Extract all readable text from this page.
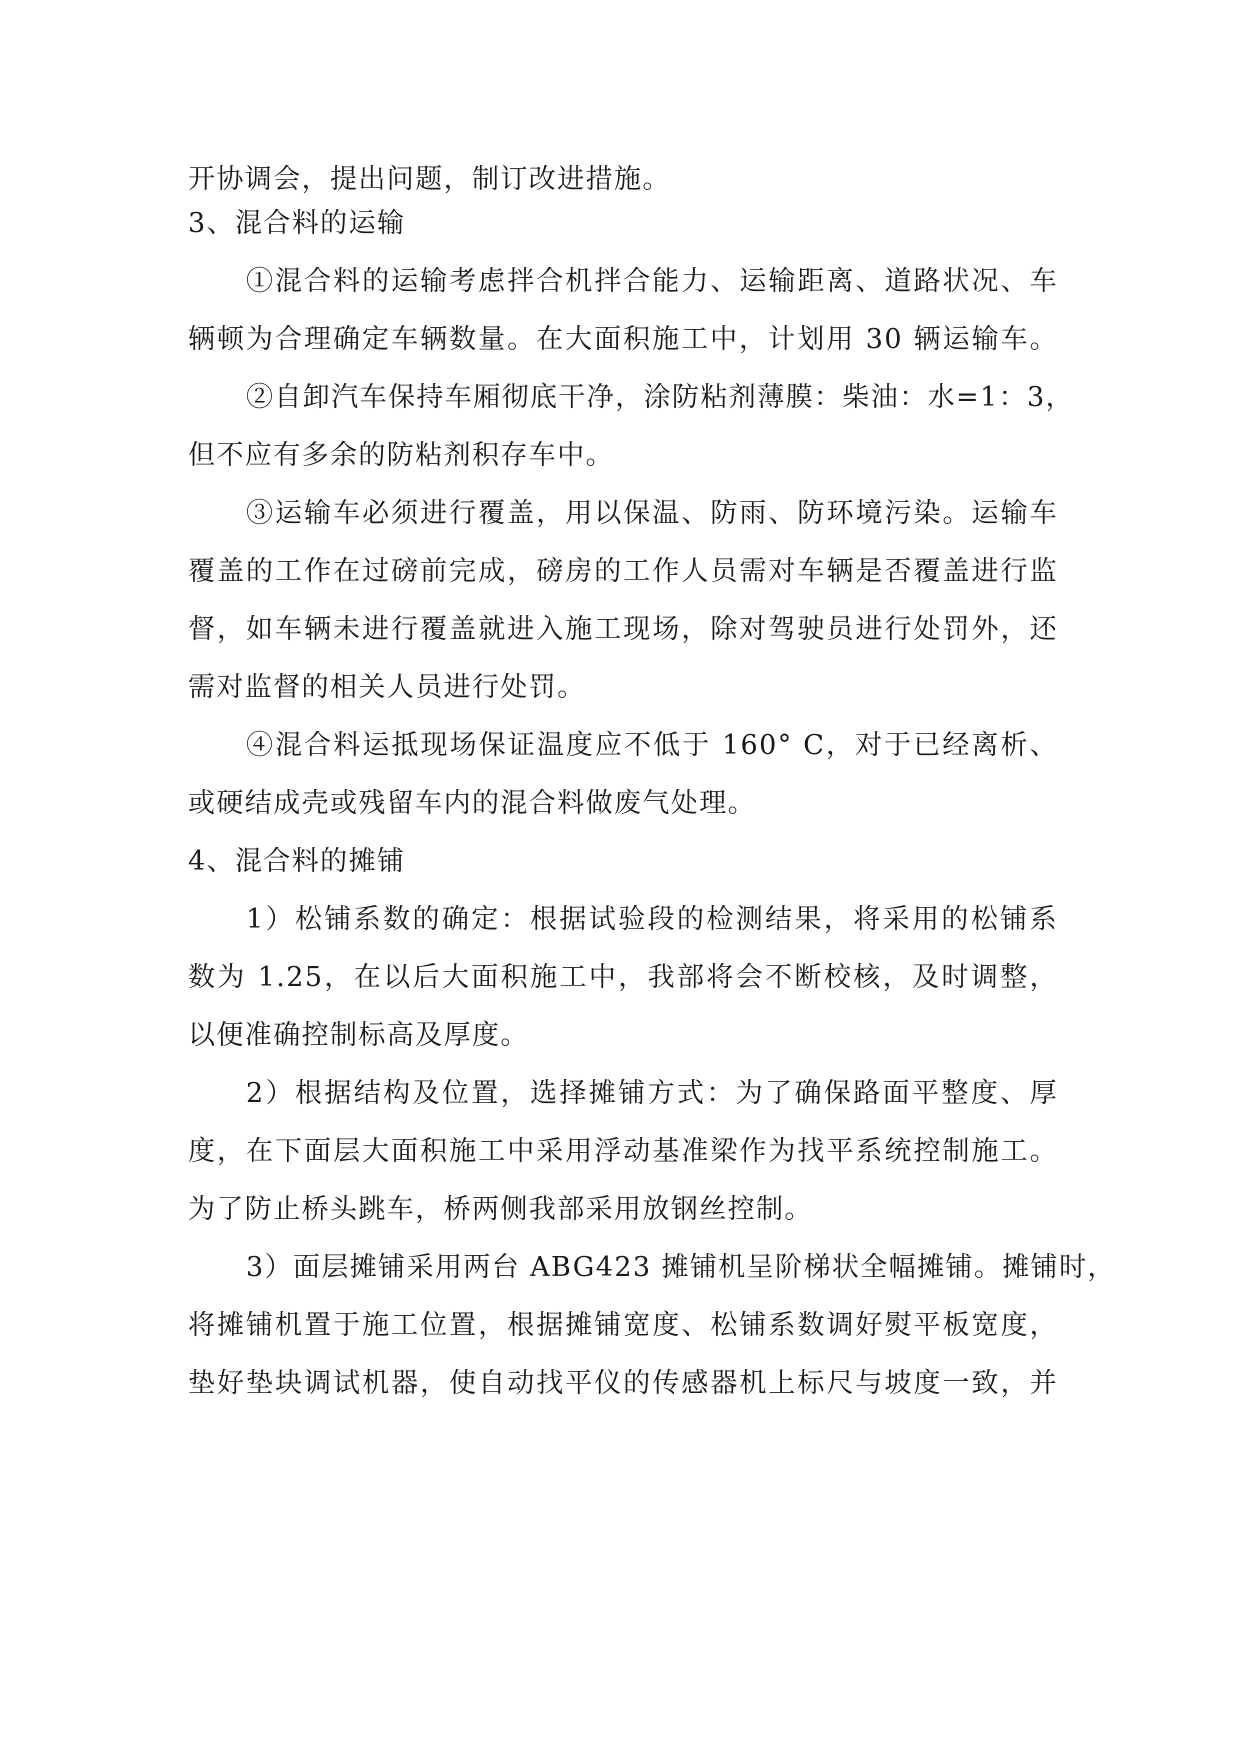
开协调会，提出问题，制订改进措施。
3、混合料的运输
①混合料的运输考虑拌合机拌合能力、运输距离、道路状况、车
辆顿为合理确定车辆数量。在大面积施工中，计划用 30 辆运输车。
②自卸汽车保持车厢彻底干净，涂防粘剂薄膜：柴油：水=1：3，
但不应有多余的防粘剂积存车中。
③运输车必须进行覆盖，用以保温、防雨、防环境污染。运输车
覆盖的工作在过磅前完成，磅房的工作人员需对车辆是否覆盖进行监
督，如车辆未进行覆盖就进入施工现场，除对驾驶员进行处罚外，还
需对监督的相关人员进行处罚。
④混合料运抵现场保证温度应不低于 160° C，对于已经离析、
或硬结成壳或残留车内的混合料做废气处理。
4、混合料的摊铺
1）松铺系数的确定：根据试验段的检测结果，将采用的松铺系
数为 1.25，在以后大面积施工中，我部将会不断校核，及时调整，
以便准确控制标高及厚度。
2）根据结构及位置，选择摊铺方式：为了确保路面平整度、厚
度，在下面层大面积施工中采用浮动基准梁作为找平系统控制施工。
为了防止桥头跳车，桥两侧我部采用放钢丝控制。
3）面层摊铺采用两台 ABG423 摊铺机呈阶梯状全幅摊铺。摊铺时，
将摊铺机置于施工位置，根据摊铺宽度、松铺系数调好熨平板宽度，
垫好垫块调试机器，使自动找平仪的传感器机上标尺与坡度一致，并
